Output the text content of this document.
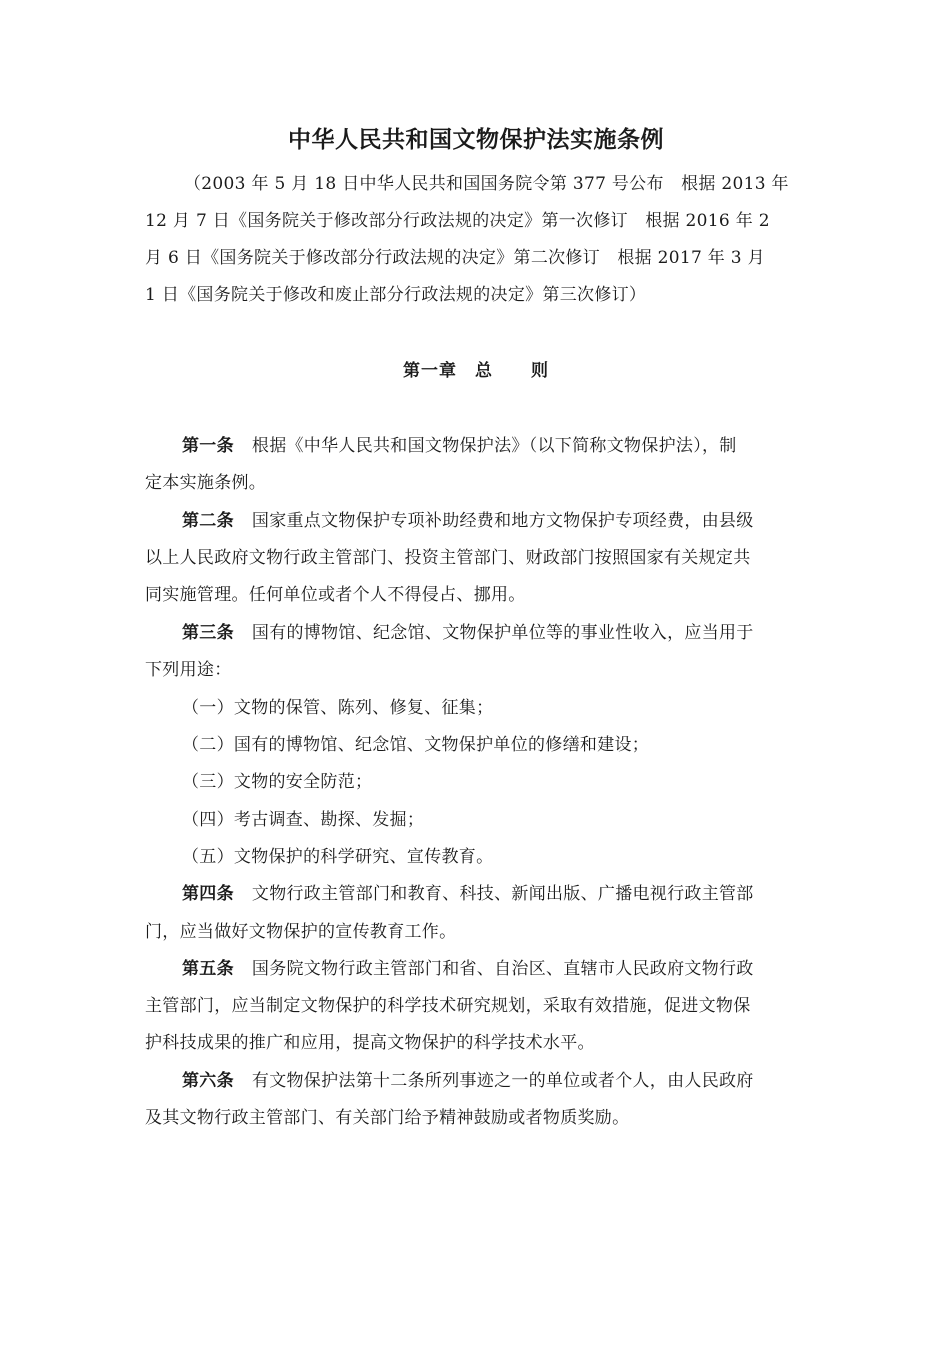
中华人民共和国文物保护法实施条例
（2003 年 5 月 18 日中华人民共和国国务院令第 377 号公布　根据 2013 年
12 月 7 日《国务院关于修改部分行政法规的决定》第一次修订　根据 2016 年 2
月 6 日《国务院关于修改部分行政法规的决定》第二次修订　根据 2017 年 3 月
1 日《国务院关于修改和废止部分行政法规的决定》第三次修订）
第一章 总 则
第一条 根据《中华人民共和国文物保护法》（以下简称文物保护法），制
定本实施条例。
第二条 国家重点文物保护专项补助经费和地方文物保护专项经费，由县级
以上人民政府文物行政主管部门、投资主管部门、财政部门按照国家有关规定共
同实施管理。任何单位或者个人不得侵占、挪用。
第三条 国有的博物馆、纪念馆、文物保护单位等的事业性收入，应当用于
下列用途：
（一）文物的保管、陈列、修复、征集；
（二）国有的博物馆、纪念馆、文物保护单位的修缮和建设；
（三）文物的安全防范；
（四）考古调查、勘探、发掘；
（五）文物保护的科学研究、宣传教育。
第四条 文物行政主管部门和教育、科技、新闻出版、广播电视行政主管部
门，应当做好文物保护的宣传教育工作。
第五条 国务院文物行政主管部门和省、自治区、直辖市人民政府文物行政
主管部门，应当制定文物保护的科学技术研究规划，采取有效措施，促进文物保
护科技成果的推广和应用，提高文物保护的科学技术水平。
第六条 有文物保护法第十二条所列事迹之一的单位或者个人，由人民政府
及其文物行政主管部门、有关部门给予精神鼓励或者物质奖励。
